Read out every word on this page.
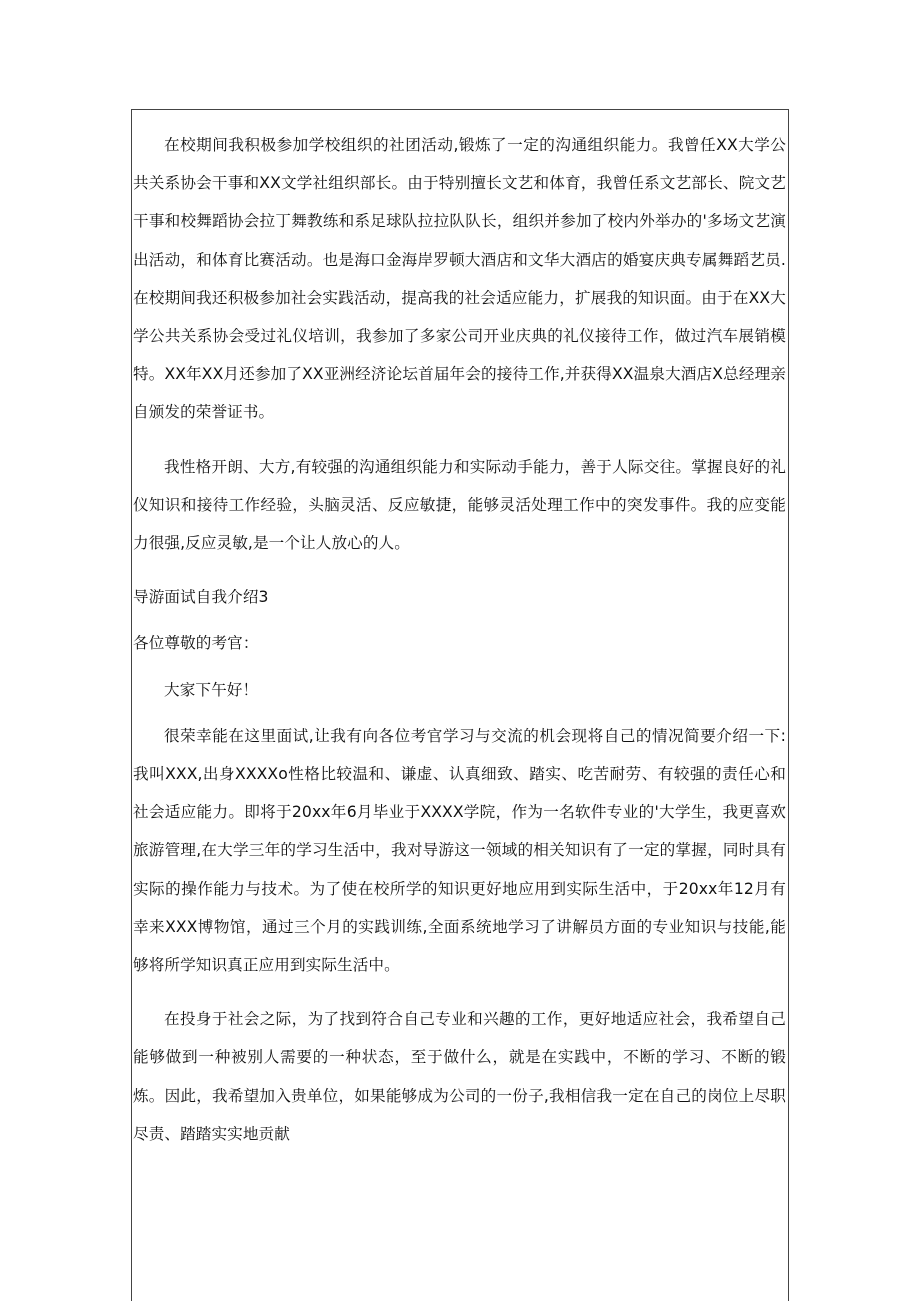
在校期间我积极参加学校组织的社团活动,锻炼了一定的沟通组织能力。我曾任XX大学公共关系协会干事和XX文学社组织部长。由于特别擅长文艺和体育，我曾任系文艺部长、院文艺干事和校舞蹈协会拉丁舞教练和系足球队拉拉队队长，组织并参加了校内外举办的'多场文艺演出活动，和体育比赛活动。也是海口金海岸罗顿大酒店和文华大酒店的婚宴庆典专属舞蹈艺员.在校期间我还积极参加社会实践活动，提高我的社会适应能力，扩展我的知识面。由于在XX大学公共关系协会受过礼仪培训，我参加了多家公司开业庆典的礼仪接待工作，做过汽车展销模特。XX年XX月还参加了XX亚洲经济论坛首届年会的接待工作,并获得XX温泉大酒店X总经理亲自颁发的荣誉证书。

我性格开朗、大方,有较强的沟通组织能力和实际动手能力，善于人际交往。掌握良好的礼仪知识和接待工作经验，头脑灵活、反应敏捷，能够灵活处理工作中的突发事件。我的应变能力很强,反应灵敏,是一个让人放心的人。

导游面试自我介绍3

各位尊敬的考官：

大家下午好！

很荣幸能在这里面试,让我有向各位考官学习与交流的机会现将自己的情况简要介绍一下:我叫XXX,出身XXXXo性格比较温和、谦虚、认真细致、踏实、吃苦耐劳、有较强的责任心和社会适应能力。即将于20xx年6月毕业于XXXX学院，作为一名软件专业的'大学生，我更喜欢旅游管理,在大学三年的学习生活中，我对导游这一领域的相关知识有了一定的掌握，同时具有实际的操作能力与技术。为了使在校所学的知识更好地应用到实际生活中，于20xx年12月有幸来XXX博物馆，通过三个月的实践训练,全面系统地学习了讲解员方面的专业知识与技能,能够将所学知识真正应用到实际生活中。

在投身于社会之际，为了找到符合自己专业和兴趣的工作，更好地适应社会，我希望自己能够做到一种被别人需要的一种状态，至于做什么，就是在实践中，不断的学习、不断的锻炼。因此，我希望加入贵单位，如果能够成为公司的一份子,我相信我一定在自己的岗位上尽职尽责、踏踏实实地贡献
